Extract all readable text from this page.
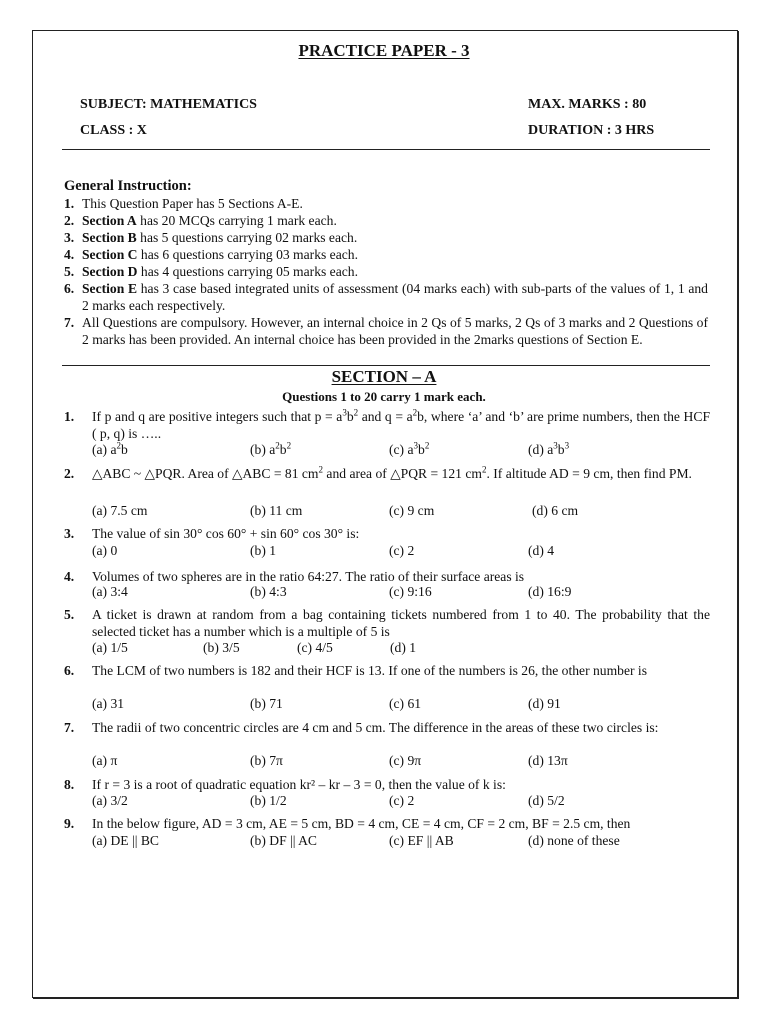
PRACTICE PAPER - 3
SUBJECT: MATHEMATICS	MAX. MARKS : 80
CLASS : X	DURATION : 3 HRS
General Instruction:
1. This Question Paper has 5 Sections A-E.
2. Section A has 20 MCQs carrying 1 mark each.
3. Section B has 5 questions carrying 02 marks each.
4. Section C has 6 questions carrying 03 marks each.
5. Section D has 4 questions carrying 05 marks each.
6. Section E has 3 case based integrated units of assessment (04 marks each) with sub-parts of the values of 1, 1 and 2 marks each respectively.
7. All Questions are compulsory. However, an internal choice in 2 Qs of 5 marks, 2 Qs of 3 marks and 2 Questions of 2 marks has been provided. An internal choice has been provided in the 2marks questions of Section E.
SECTION – A
Questions 1 to 20 carry 1 mark each.
1. If p and q are positive integers such that $p = a^3b^2$ and $q = a^2b$, where ‘a’ and ‘b’ are prime numbers, then the HCF ( p, q) is …..
(a) $a^2b$	(b) $a^2b^2$	(c) $a^3b^2$	(d) $a^3b^3$
2. △ABC ~ △PQR. Area of △ABC = 81 $cm^2$ and area of △PQR = 121 $cm^2$. If altitude AD = 9 cm, then find PM.
(a) 7.5 cm	(b) 11 cm	(c) 9 cm	(d) 6 cm
3. The value of sin 30° cos 60° + sin 60° cos 30° is:
(a) 0	(b) 1	(c) 2	(d) 4
4. Volumes of two spheres are in the ratio 64:27. The ratio of their surface areas is
(a) 3:4	(b) 4:3	(c) 9:16	(d) 16:9
5. A ticket is drawn at random from a bag containing tickets numbered from 1 to 40. The probability that the selected ticket has a number which is a multiple of 5 is
(a) 1/5	(b) 3/5	(c) 4/5	(d) 1
6. The LCM of two numbers is 182 and their HCF is 13. If one of the numbers is 26, the other number is
(a) 31	(b) 71	(c) 61	(d) 91
7. The radii of two concentric circles are 4 cm and 5 cm. The difference in the areas of these two circles is:
(a) π	(b) 7π	(c) 9π	(d) 13π
8. If r = 3 is a root of quadratic equation kr² – kr – 3 = 0, then the value of k is:
(a) 3/2	(b) 1/2	(c) 2	(d) 5/2
9. In the below figure, AD = 3 cm, AE = 5 cm, BD = 4 cm, CE = 4 cm, CF = 2 cm, BF = 2.5 cm, then
(a) DE || BC	(b) DF || AC	(c) EF || AB	(d) none of these
